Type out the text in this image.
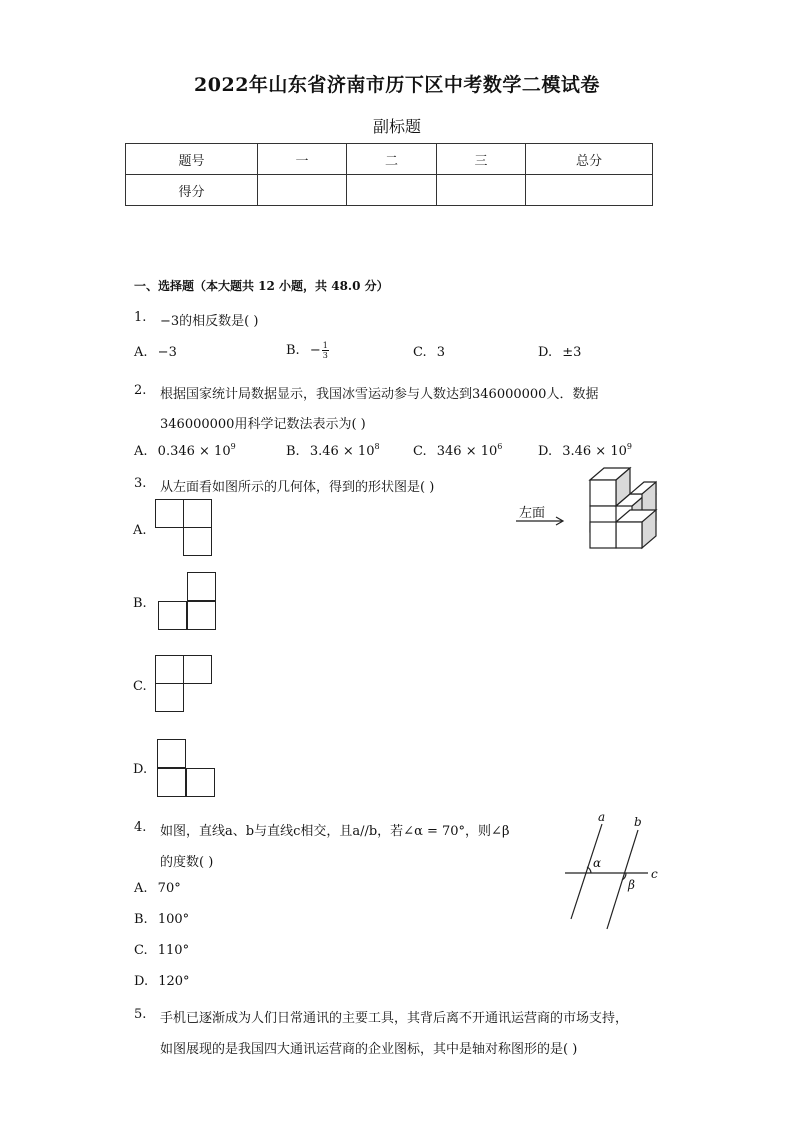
2022年山东省济南市历下区中考数学二模试卷
副标题
题号	一	二	三	总分
得分				
一、选择题（本大题共 12 小题，共 48.0 分）
1. −3的相反数是( )
A. −3	B. − $\frac{1}{3}$	C. 3	D. ±3
2. 根据国家统计局数据显示，我国冰雪运动参与人数达到346000000人．数据
346000000用科学记数法表示为( )
A. $0.346 \times 10^9$	B. $3.46 \times 10^8$	C. $346 \times 10^6$	D. $3.46 \times 10^9$
3. 从左面看如图所示的几何体，得到的形状图是( )
左面
A.
B.
C.
D.
4. 如图，直线a、b与直线c相交，且a//b，若∠α = 70°，则∠β
的度数( )
a b
c
α
β
A. 70°
B. 100°
C. 110°
D. 120°
5. 手机已逐渐成为人们日常通讯的主要工具，其背后离不开通讯运营商的市场支持，
如图展现的是我国四大通讯运营商的企业图标，其中是轴对称图形的是( )
